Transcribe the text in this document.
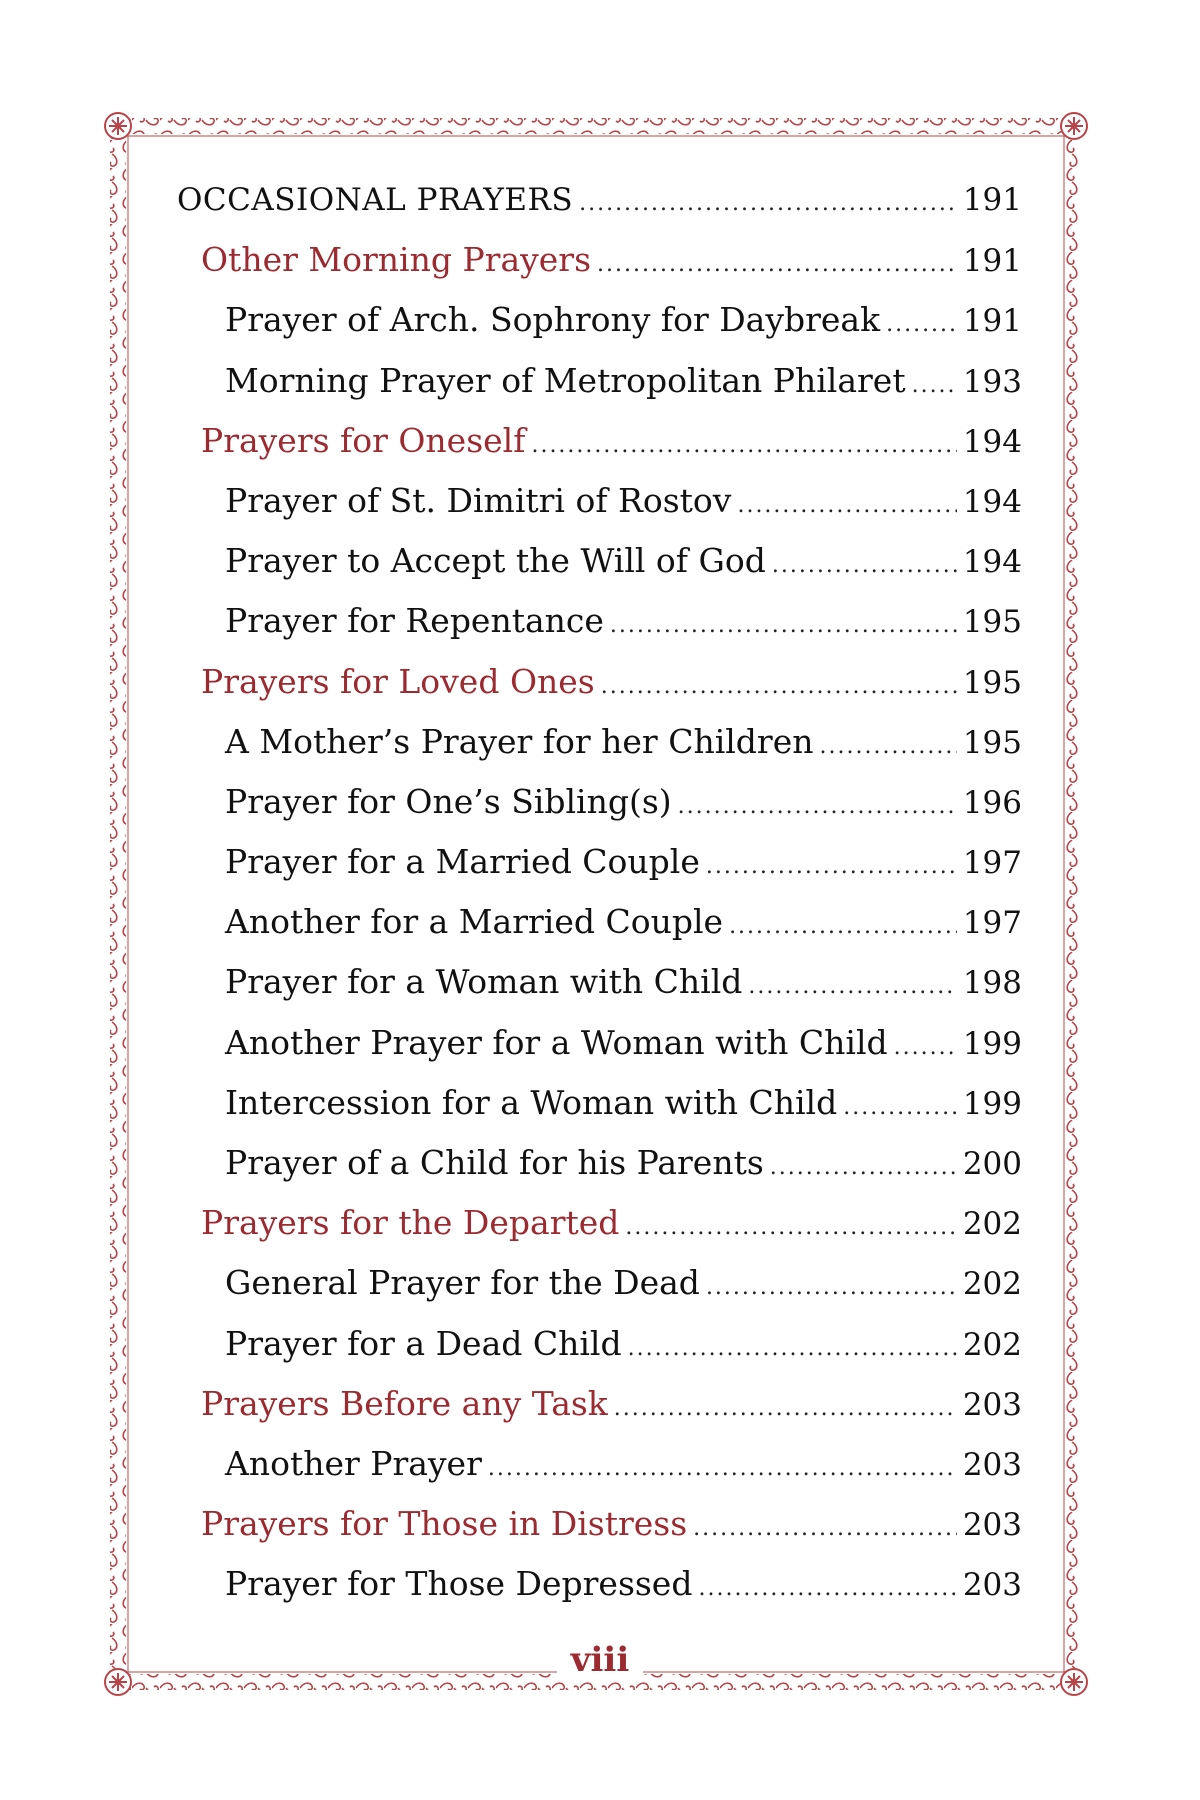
OCCASIONAL PRAYERS .....	191
Other Morning Prayers .....	191
Prayer of Arch. Sophrony for Daybreak .....	191
Morning Prayer of Metropolitan Philaret ..... 193
Prayers for Oneself .....	194
Prayer of St. Dimitri of Rostov .....	194
Prayer to Accept the Will of God .....	194
Prayer for Repentance .....	195
Prayers for Loved Ones .....	195
A Mother’s Prayer for her Children .....	195
Prayer for One’s Sibling(s) .....	196
Prayer for a Married Couple .....	197
Another for a Married Couple .....	197
Prayer for a Woman with Child .....	198
Another Prayer for a Woman with Child ..... 199
Intercession for a Woman with Child .....	199
Prayer of a Child for his Parents .....	200
Prayers for the Departed .....	202
General Prayer for the Dead .....	202
Prayer for a Dead Child .....	202
Prayers Before any Task .....	203
Another Prayer .....	203
Prayers for Those in Distress .....	203
Prayer for Those Depressed .....	203
viii
